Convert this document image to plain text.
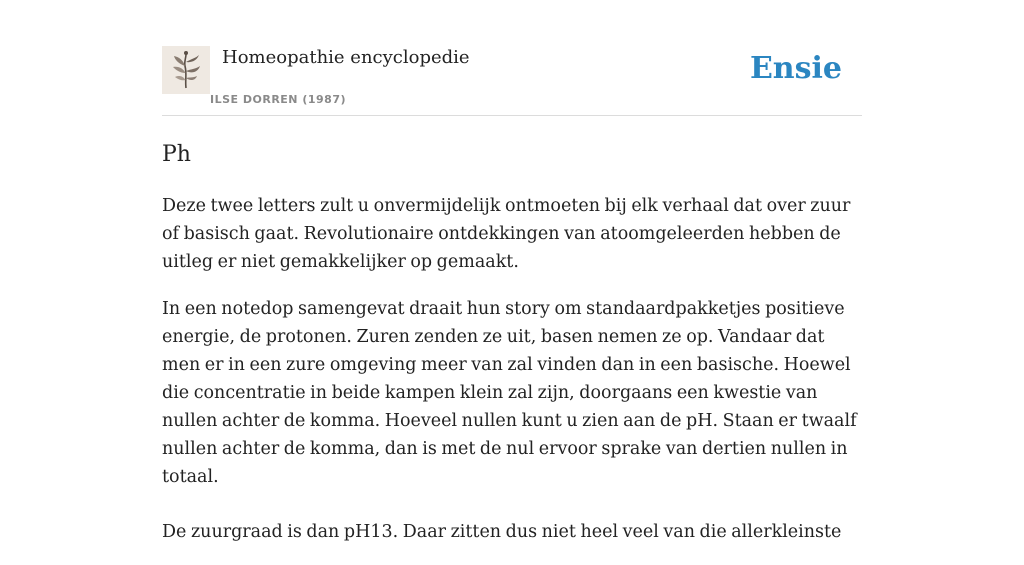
Homeopathie encyclopedie
ILSE DORREN (1987)
Ensie
Ph

Deze twee letters zult u onvermijdelijk ontmoeten bij elk verhaal dat over zuur of basisch gaat. Revolutionaire ontdekkingen van atoomgeleerden hebben de uitleg er niet gemakkelijker op gemaakt.

In een notedop samengevat draait hun story om standaardpakketjes positieve energie, de protonen. Zuren zenden ze uit, basen nemen ze op. Vandaar dat men er in een zure omgeving meer van zal vinden dan in een basische. Hoewel die concentratie in beide kampen klein zal zijn, doorgaans een kwestie van nullen achter de komma. Hoeveel nullen kunt u zien aan de pH. Staan er twaalf nullen achter de komma, dan is met de nul ervoor sprake van dertien nullen in totaal.

De zuurgraad is dan pH13. Daar zitten dus niet heel veel van die allerkleinste
